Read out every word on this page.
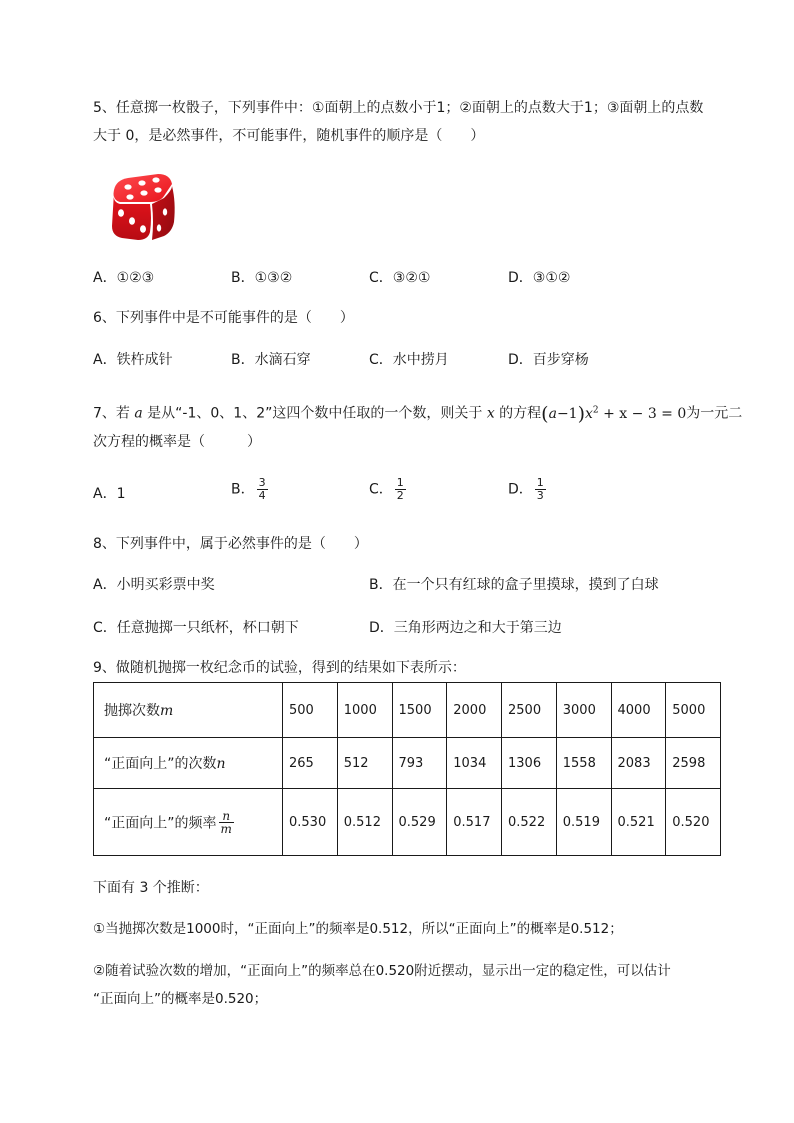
5、任意掷一枚骰子，下列事件中：①面朝上的点数小于1；②面朝上的点数大于1；③面朝上的点数
大于 0，是必然事件，不可能事件，随机事件的顺序是（　　）
A．①②③	B．①③②	C．③②①	D．③①②
6、下列事件中是不可能事件的是（　　）
A．铁杵成针	B．水滴石穿	C．水中捞月	D．百步穿杨
7、若 a 是从“-1、0、1、2”这四个数中任取的一个数，则关于 x 的方程$(a-1)x^2 + x - 3 = 0$为一元二
次方程的概率是（　　　）
A．1	B． $\frac{3}{4}$	C． $\frac{1}{2}$	D． $\frac{1}{3}$
8、下列事件中，属于必然事件的是（　　）
A．小明买彩票中奖	B．在一个只有红球的盒子里摸球，摸到了白球
C．任意抛掷一只纸杯，杯口朝下	D．三角形两边之和大于第三边
9、做随机抛掷一枚纪念币的试验，得到的结果如下表所示：
抛掷次数m	500	1000	1500	2000	2500	3000	4000	5000
“正面向上”的次数n	265	512	793	1034	1306	1558	2083	2598
“正面向上”的频率 $\frac{n}{m}$	0.530	0.512	0.529	0.517	0.522	0.519	0.521	0.520
下面有 3 个推断：
①当抛掷次数是1000时，“正面向上”的频率是0.512，所以“正面向上”的概率是0.512；
②随着试验次数的增加，“正面向上”的频率总在0.520附近摆动，显示出一定的稳定性，可以估计
“正面向上”的概率是0.520；
